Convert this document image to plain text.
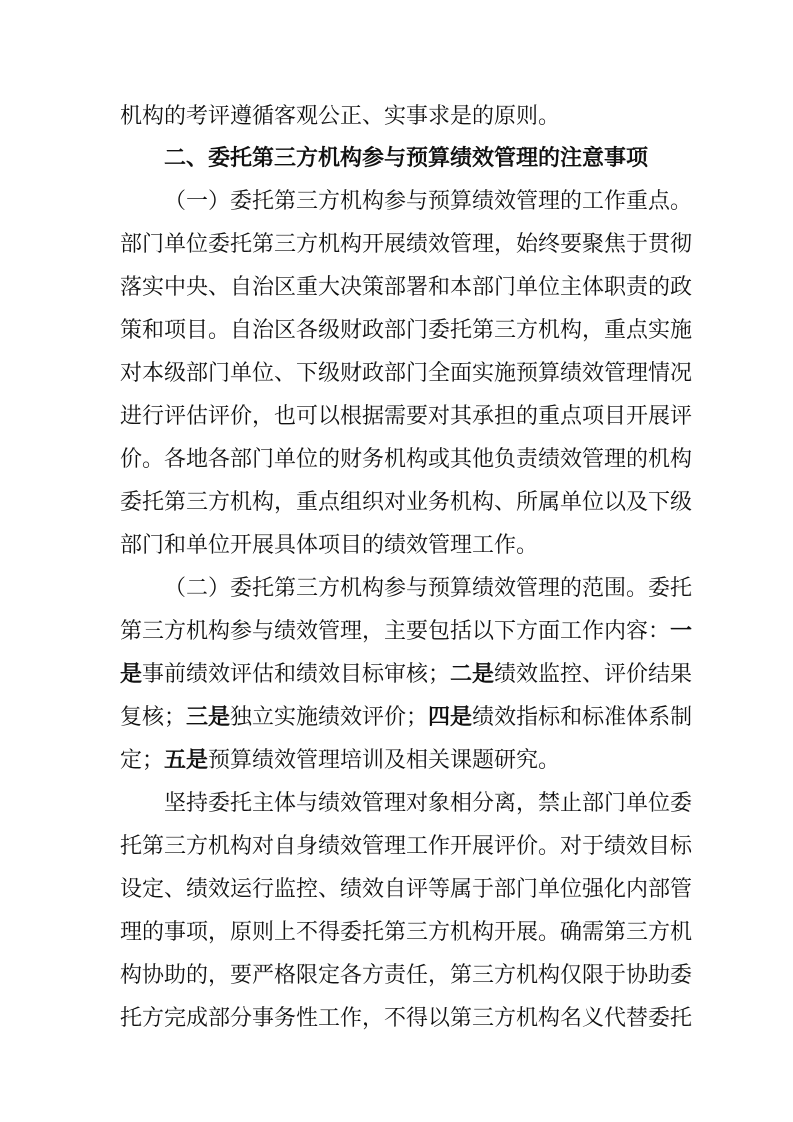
机构的考评遵循客观公正、实事求是的原则。
二、委托第三方机构参与预算绩效管理的注意事项
（一）委托第三方机构参与预算绩效管理的工作重点。
部门单位委托第三方机构开展绩效管理，始终要聚焦于贯彻
落实中央、自治区重大决策部署和本部门单位主体职责的政
策和项目。自治区各级财政部门委托第三方机构，重点实施
对本级部门单位、下级财政部门全面实施预算绩效管理情况
进行评估评价，也可以根据需要对其承担的重点项目开展评
价。各地各部门单位的财务机构或其他负责绩效管理的机构
委托第三方机构，重点组织对业务机构、所属单位以及下级
部门和单位开展具体项目的绩效管理工作。
（二）委托第三方机构参与预算绩效管理的范围。委托
第三方机构参与绩效管理，主要包括以下方面工作内容：一
是事前绩效评估和绩效目标审核；二是绩效监控、评价结果
复核；三是独立实施绩效评价；四是绩效指标和标准体系制
定；五是预算绩效管理培训及相关课题研究。
坚持委托主体与绩效管理对象相分离，禁止部门单位委
托第三方机构对自身绩效管理工作开展评价。对于绩效目标
设定、绩效运行监控、绩效自评等属于部门单位强化内部管
理的事项，原则上不得委托第三方机构开展。确需第三方机
构协助的，要严格限定各方责任，第三方机构仅限于协助委
托方完成部分事务性工作，不得以第三方机构名义代替委托
